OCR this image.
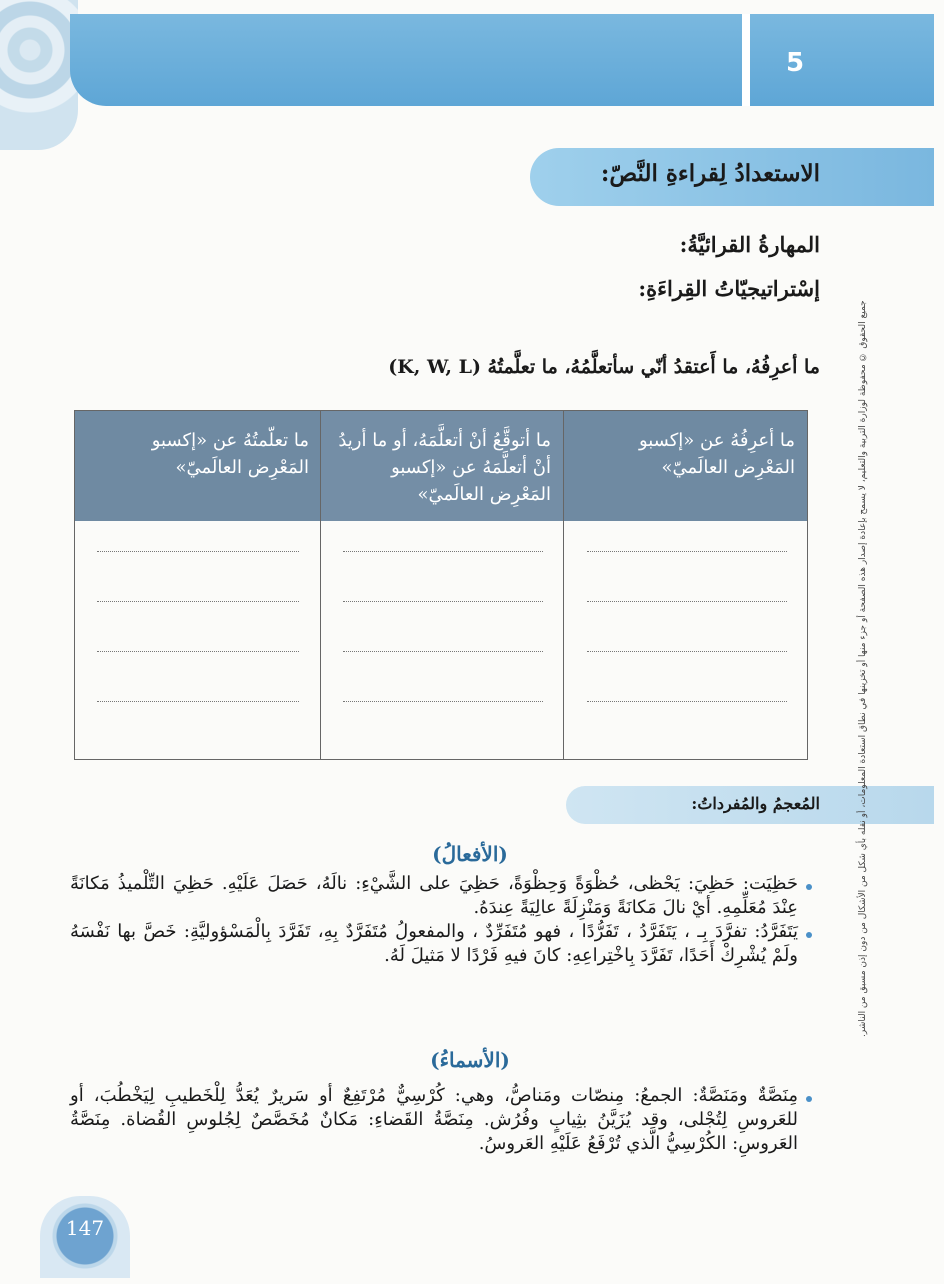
5
الاستعدادُ لِقراءةِ النَّصّ:
المهارةُ القرائيَّةُ:
إسْتراتيجيّاتُ القِراءَةِ:
ما أعرِفُهُ، ما أَعتقدُ أنّي سأتعلَّمُهُ، ما تعلَّمتُهُ (K, W, L)
ما أعرِفُهُ عن «إكسبو المَعْرِض العالَميّ»
ما أتوقَّعُ أنْ أتعلَّمَهُ، أو ما أريدُ أنْ أتعلَّمَهُ عن «إكسبو المَعْرِض العالَميّ»
ما تعلّمتُهُ عن «إكسبو المَعْرِض العالَميّ»
المُعجمُ والمُفرداتُ:
(الأفعالُ)
حَظِيَت: حَظِيَ: يَحْظى، حُظْوَةً وَحِظْوَةً، حَظِيَ على الشَّيْءِ: نالَهُ، حَصَلَ عَلَيْهِ. حَظِيَ التِّلْميذُ مَكانَةً عِنْدَ مُعَلِّمِهِ. أيْ نالَ مَكانَةً وَمَنْزِلَةً عالِيَةً عِندَهُ.
يَتَفَرَّدُ: تفرَّدَ بِـ ، يَتَفَرَّدُ ، تَفَرُّدًا ، فهو مُتَفَرِّدٌ ، والمفعولُ مُتَفَرَّدٌ بِهِ، تَفَرَّدَ بِالْمَسْؤوليَّةِ: خَصَّ بها نَفْسَهُ ولَمْ يُشْرِكْ أَحَدًا، تَفَرَّدَ بِاخْتِراعِهِ: كانَ فيهِ فَرْدًا لا مَثيلَ لَهُ.
(الأسماءُ)
مِنَصَّةٌ ومَنَصَّةٌ: الجمعُ: مِنصّات ومَناصُّ، وهي: كُرْسِيٌّ مُرْتَفِعٌ أو سَريرٌ يُعَدُّ لِلْخَطيبِ لِيَخْطُبَ، أو للعَروسِ لِتُجْلى، وقد يُزَيَّنُ بثِيابٍ وفُرُش. مِنَصَّةُ القَضاءِ: مَكانٌ مُخَصَّصٌ لِجُلوسِ القُضاة. مِنَصَّةُ العَروسِ: الكُرْسِيُّ الَّذي تُرْفَعُ عَلَيْهِ العَروسُ.
جميع الحقوق © محفوظة لوزارة التربية والتعليم، لا يسمح بإعادة إصدار هذه الصفحة أو جزء منها أو تخزينها في نطاق استعادة المعلومات، أو نقله بأي شكل من الأشكال من دون إذن مسبق من الناشر.
147
